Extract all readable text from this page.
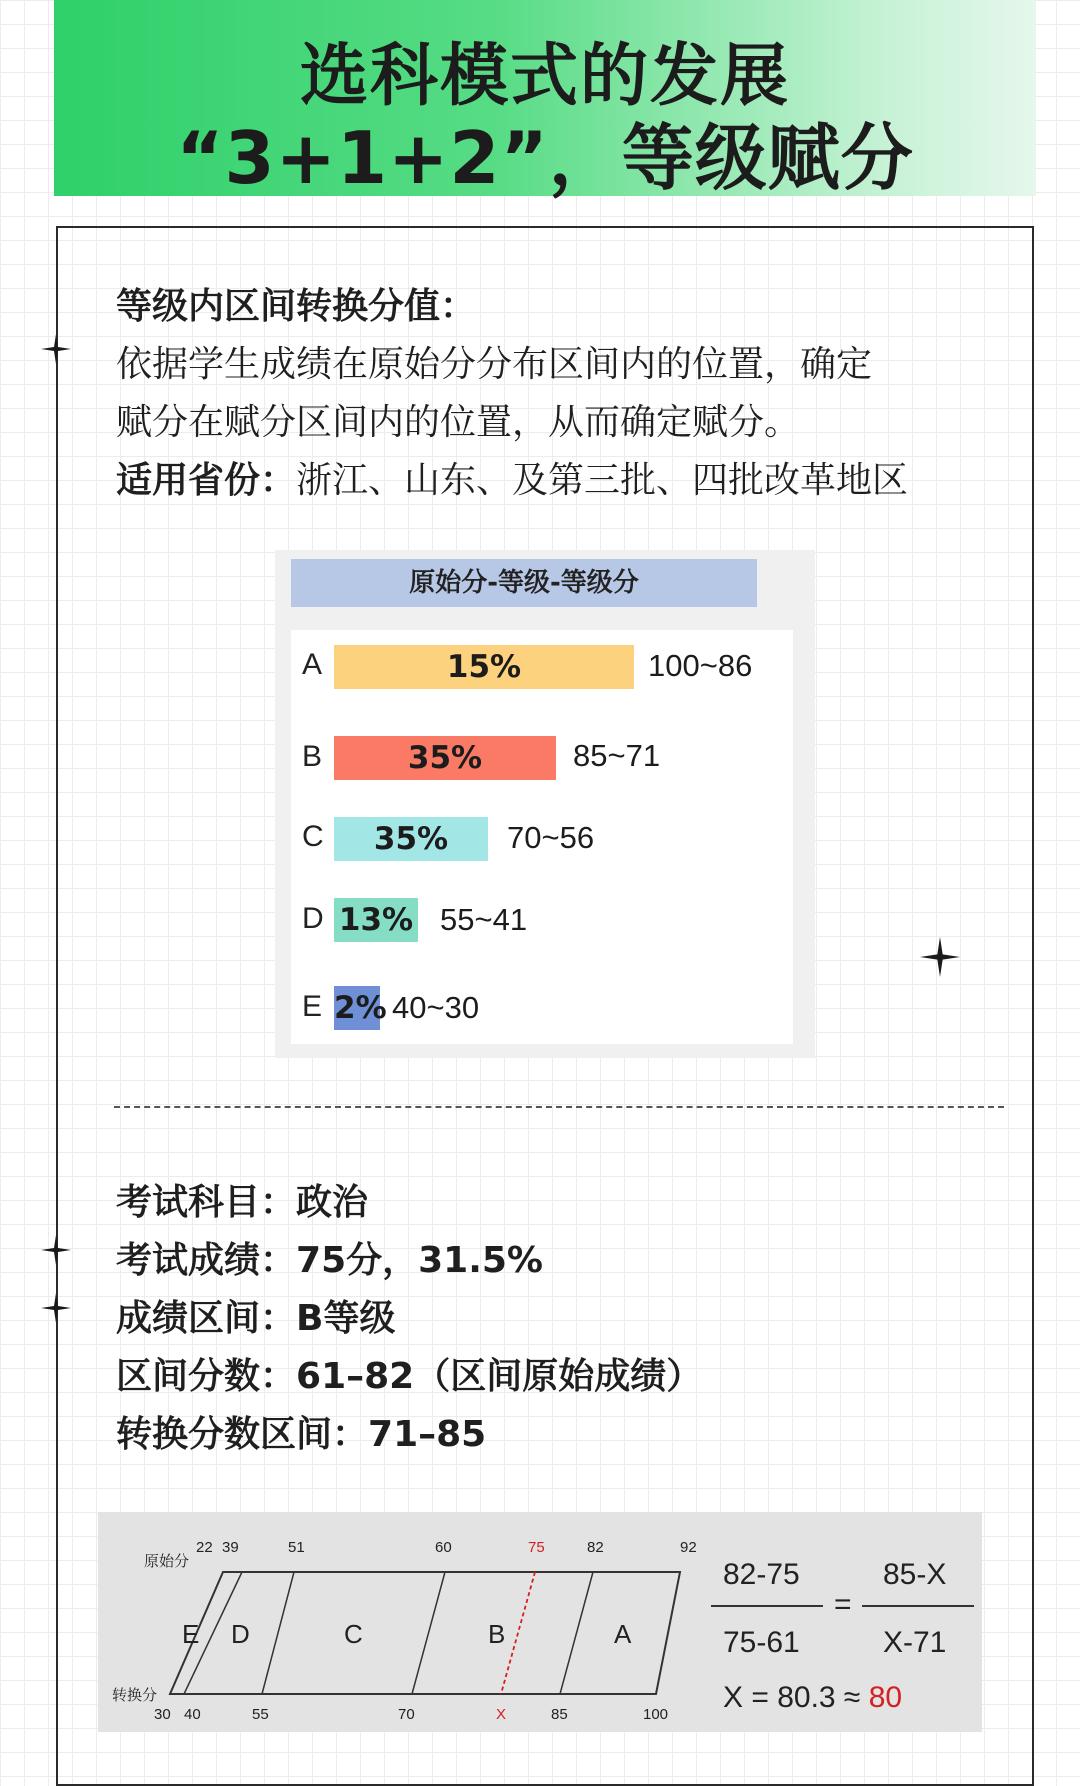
选科模式的发展
“3+1+2”，等级赋分
等级内区间转换分值：
依据学生成绩在原始分分布区间内的位置，确定
赋分在赋分区间内的位置，从而确定赋分。
适用省份：浙江、山东、及第三批、四批改革地区
原始分-等级-等级分
A	15%	100~86
B	35%	85~71
C	35%	70~56
D 13% 55~41
E 2% 40~30
考试科目：政治
考试成绩：75分，31.5%
成绩区间：B等级
区间分数：61–82（区间原始成绩）
转换分数区间：71–85
原始分
转换分
22 39	51	60	75	82	92
30 40	55	70	X	85	100
E D	C	B	A
82-75	85-X
=
75-61	X-71
X = 80.3 ≈ 80
